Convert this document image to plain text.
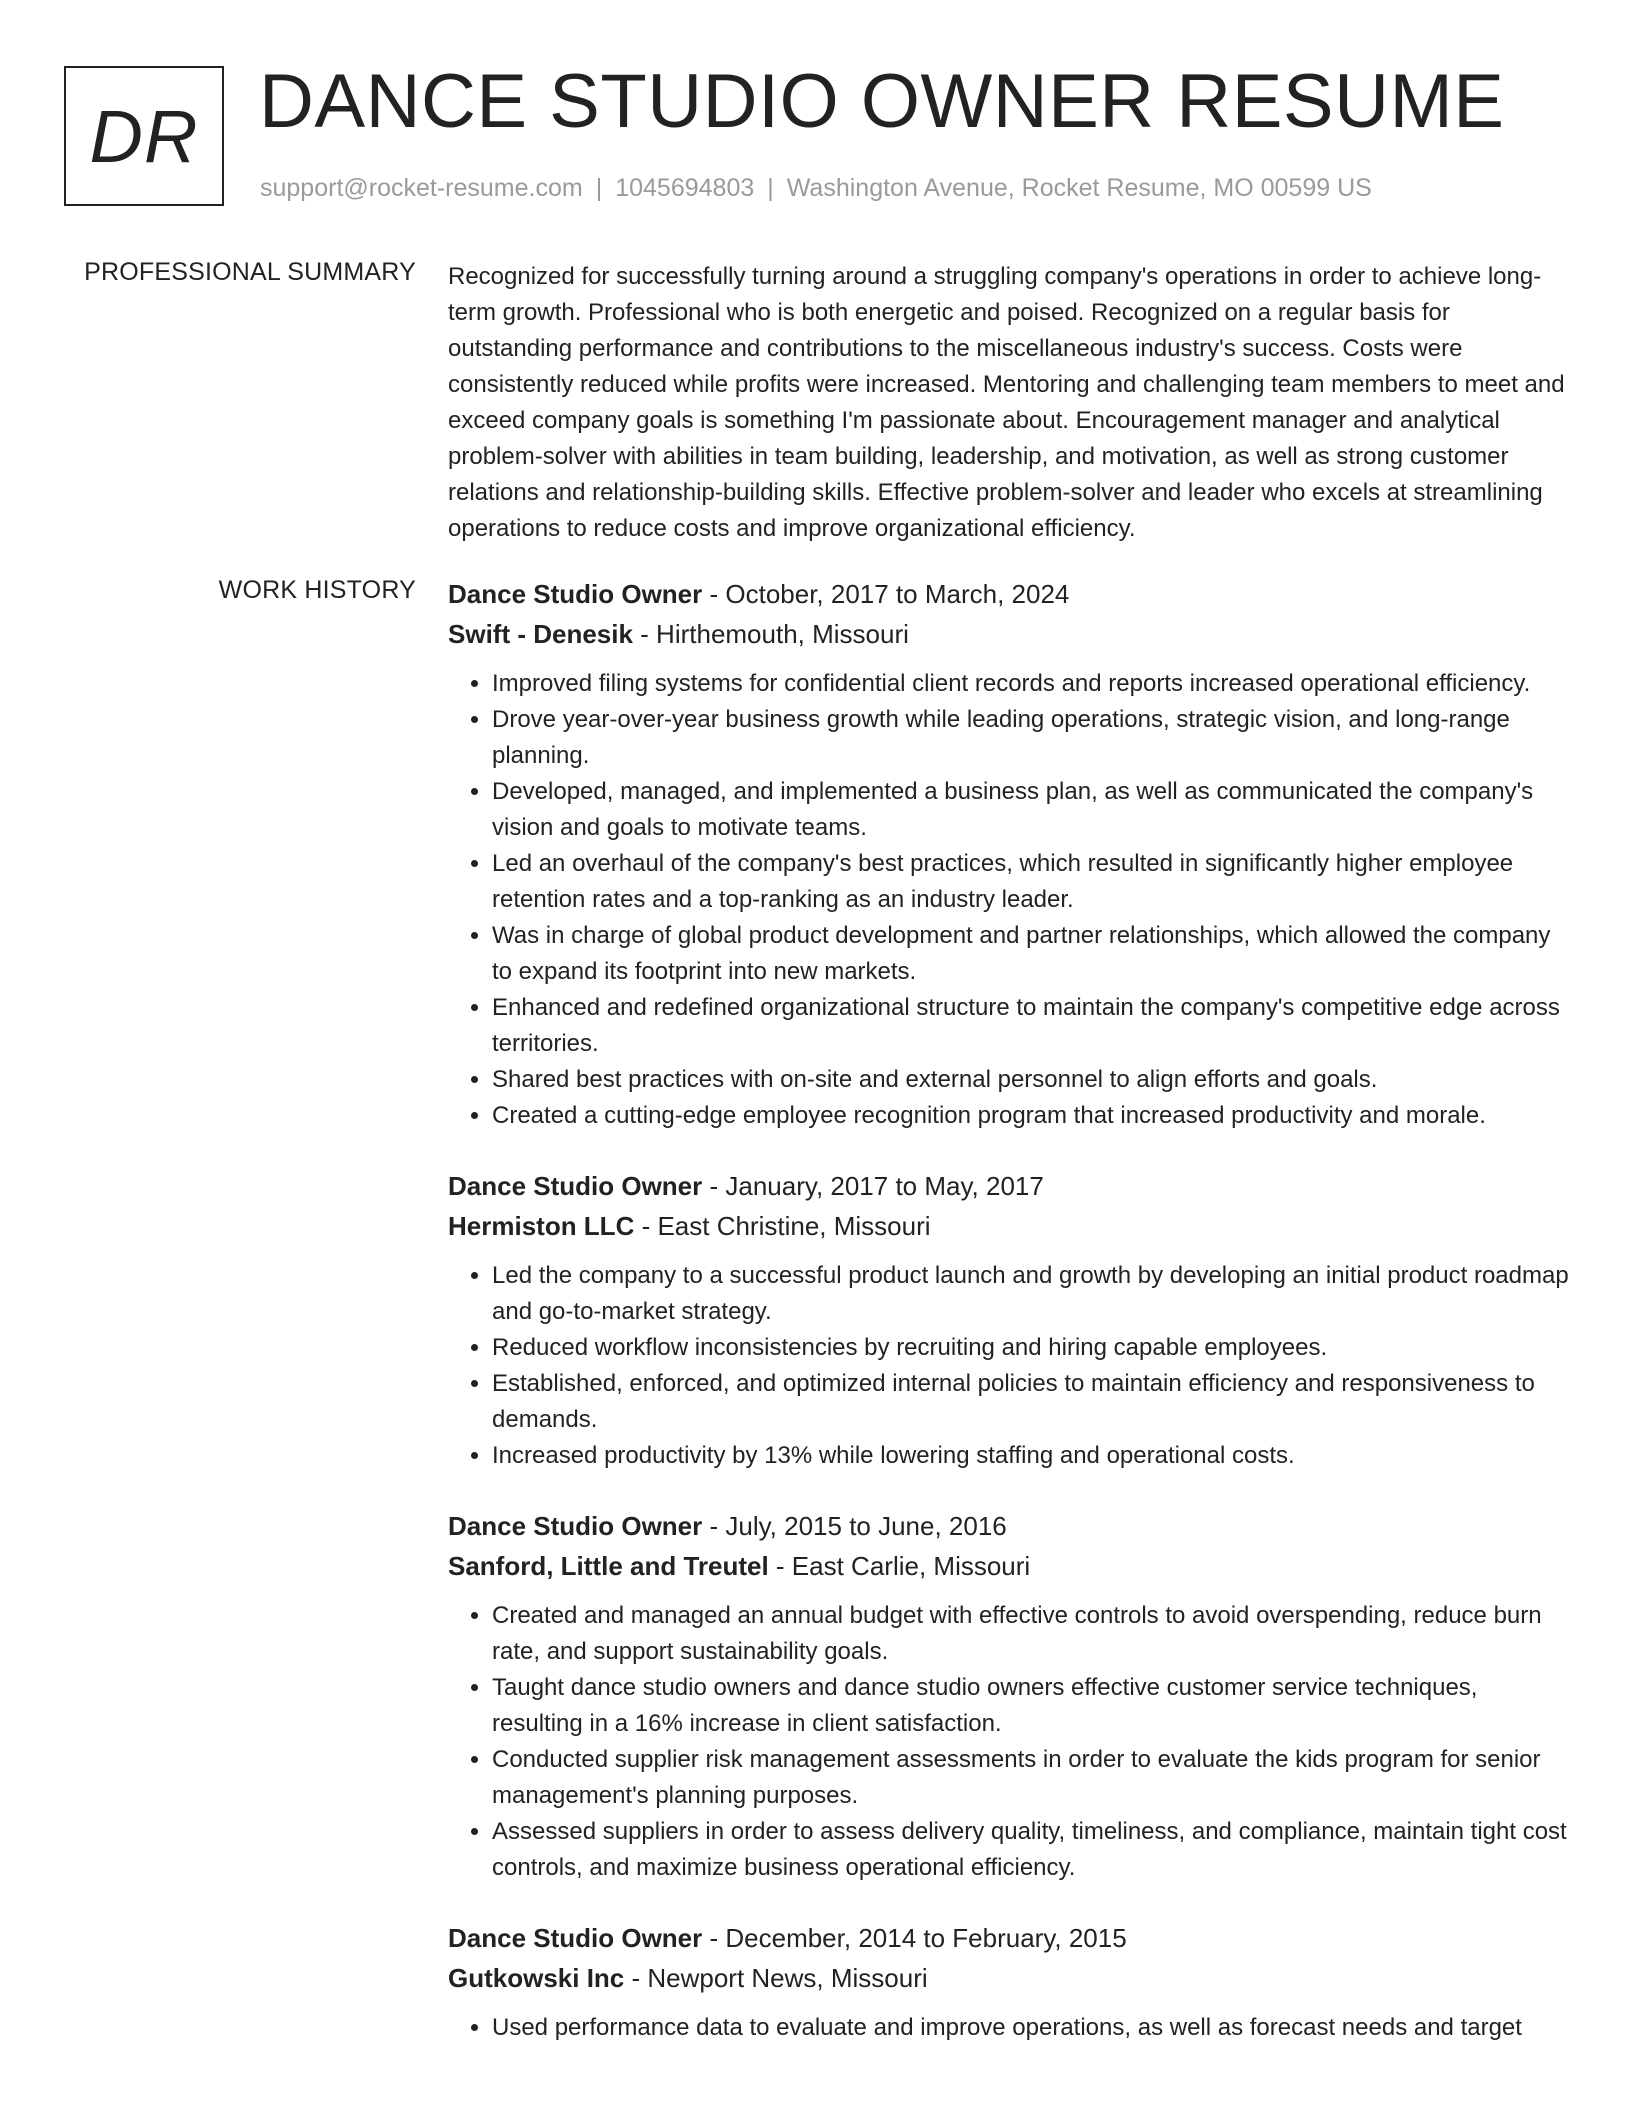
DR DANCE STUDIO OWNER RESUME
support@rocket-resume.com | 1045694803 | Washington Avenue, Rocket Resume, MO 00599 US
PROFESSIONAL SUMMARY Recognized for successfully turning around a struggling company's operations in order to achieve long-term growth. Professional who is both energetic and poised. Recognized on a regular basis for outstanding performance and contributions to the miscellaneous industry's success. Costs were consistently reduced while profits were increased. Mentoring and challenging team members to meet and exceed company goals is something I'm passionate about. Encouragement manager and analytical problem-solver with abilities in team building, leadership, and motivation, as well as strong customer relations and relationship-building skills. Effective problem-solver and leader who excels at streamlining operations to reduce costs and improve organizational efficiency.

WORK HISTORY Dance Studio Owner - October, 2017 to March, 2024
Swift - Denesik - Hirthemouth, Missouri
• Improved filing systems for confidential client records and reports increased operational efficiency.
• Drove year-over-year business growth while leading operations, strategic vision, and long-range planning.
• Developed, managed, and implemented a business plan, as well as communicated the company's vision and goals to motivate teams.
• Led an overhaul of the company's best practices, which resulted in significantly higher employee retention rates and a top-ranking as an industry leader.
• Was in charge of global product development and partner relationships, which allowed the company to expand its footprint into new markets.
• Enhanced and redefined organizational structure to maintain the company's competitive edge across territories.
• Shared best practices with on-site and external personnel to align efforts and goals.
• Created a cutting-edge employee recognition program that increased productivity and morale.
Dance Studio Owner - January, 2017 to May, 2017
Hermiston LLC - East Christine, Missouri
• Led the company to a successful product launch and growth by developing an initial product roadmap and go-to-market strategy.
• Reduced workflow inconsistencies by recruiting and hiring capable employees.
• Established, enforced, and optimized internal policies to maintain efficiency and responsiveness to demands.
• Increased productivity by 13% while lowering staffing and operational costs.
Dance Studio Owner - July, 2015 to June, 2016
Sanford, Little and Treutel - East Carlie, Missouri
• Created and managed an annual budget with effective controls to avoid overspending, reduce burn rate, and support sustainability goals.
• Taught dance studio owners and dance studio owners effective customer service techniques, resulting in a 16% increase in client satisfaction.
• Conducted supplier risk management assessments in order to evaluate the kids program for senior management's planning purposes.
• Assessed suppliers in order to assess delivery quality, timeliness, and compliance, maintain tight cost controls, and maximize business operational efficiency.
Dance Studio Owner - December, 2014 to February, 2015
Gutkowski Inc - Newport News, Missouri
• Used performance data to evaluate and improve operations, as well as forecast needs and target
